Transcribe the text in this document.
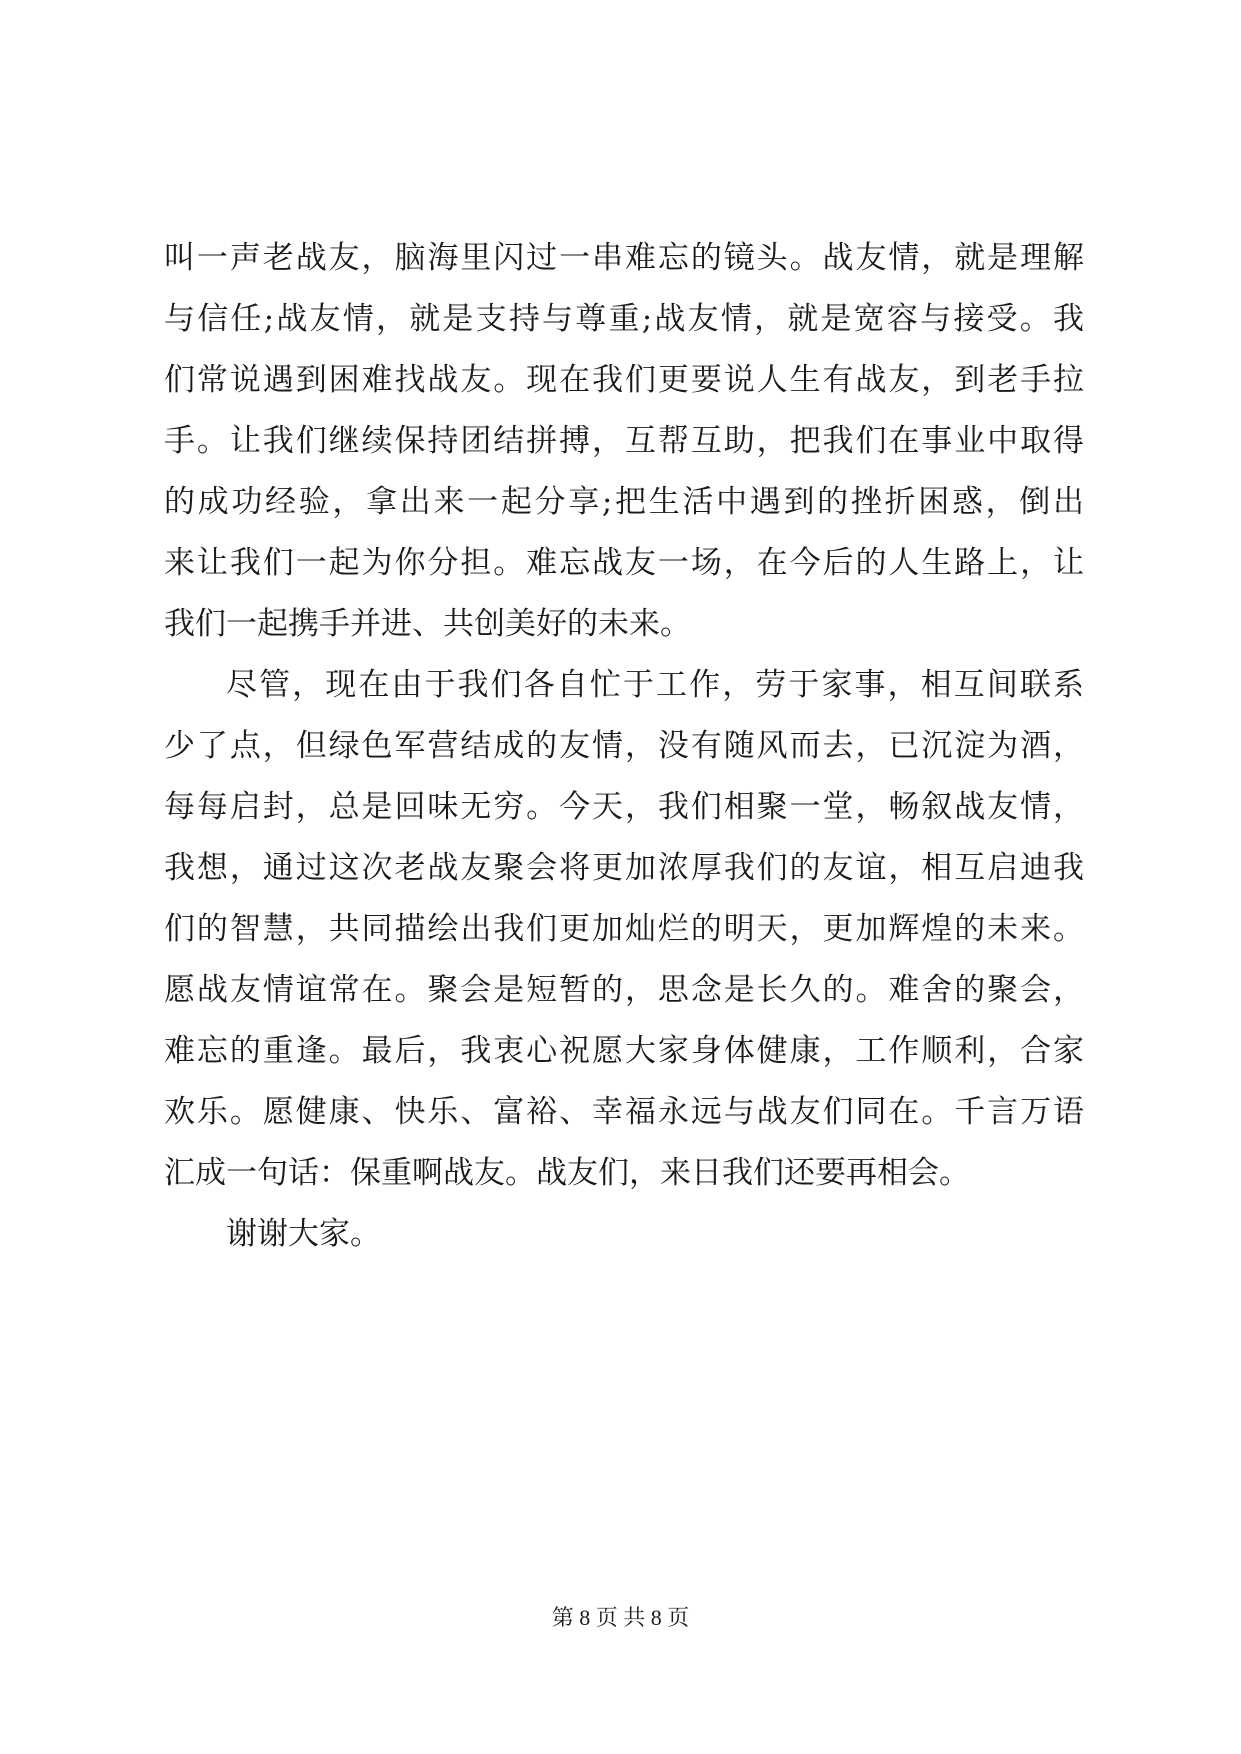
叫一声老战友，脑海里闪过一串难忘的镜头。战友情，就是理解
与信任;战友情，就是支持与尊重;战友情，就是宽容与接受。我
们常说遇到困难找战友。现在我们更要说人生有战友，到老手拉
手。让我们继续保持团结拼搏，互帮互助，把我们在事业中取得
的成功经验，拿出来一起分享;把生活中遇到的挫折困惑，倒出
来让我们一起为你分担。难忘战友一场，在今后的人生路上，让
我们一起携手并进、共创美好的未来。
尽管，现在由于我们各自忙于工作，劳于家事，相互间联系
少了点，但绿色军营结成的友情，没有随风而去，已沉淀为酒，
每每启封，总是回味无穷。今天，我们相聚一堂，畅叙战友情，
我想，通过这次老战友聚会将更加浓厚我们的友谊，相互启迪我
们的智慧，共同描绘出我们更加灿烂的明天，更加辉煌的未来。
愿战友情谊常在。聚会是短暂的，思念是长久的。难舍的聚会，
难忘的重逢。最后，我衷心祝愿大家身体健康，工作顺利，合家
欢乐。愿健康、快乐、富裕、幸福永远与战友们同在。千言万语
汇成一句话：保重啊战友。战友们，来日我们还要再相会。
谢谢大家。
第 8 页 共 8 页
